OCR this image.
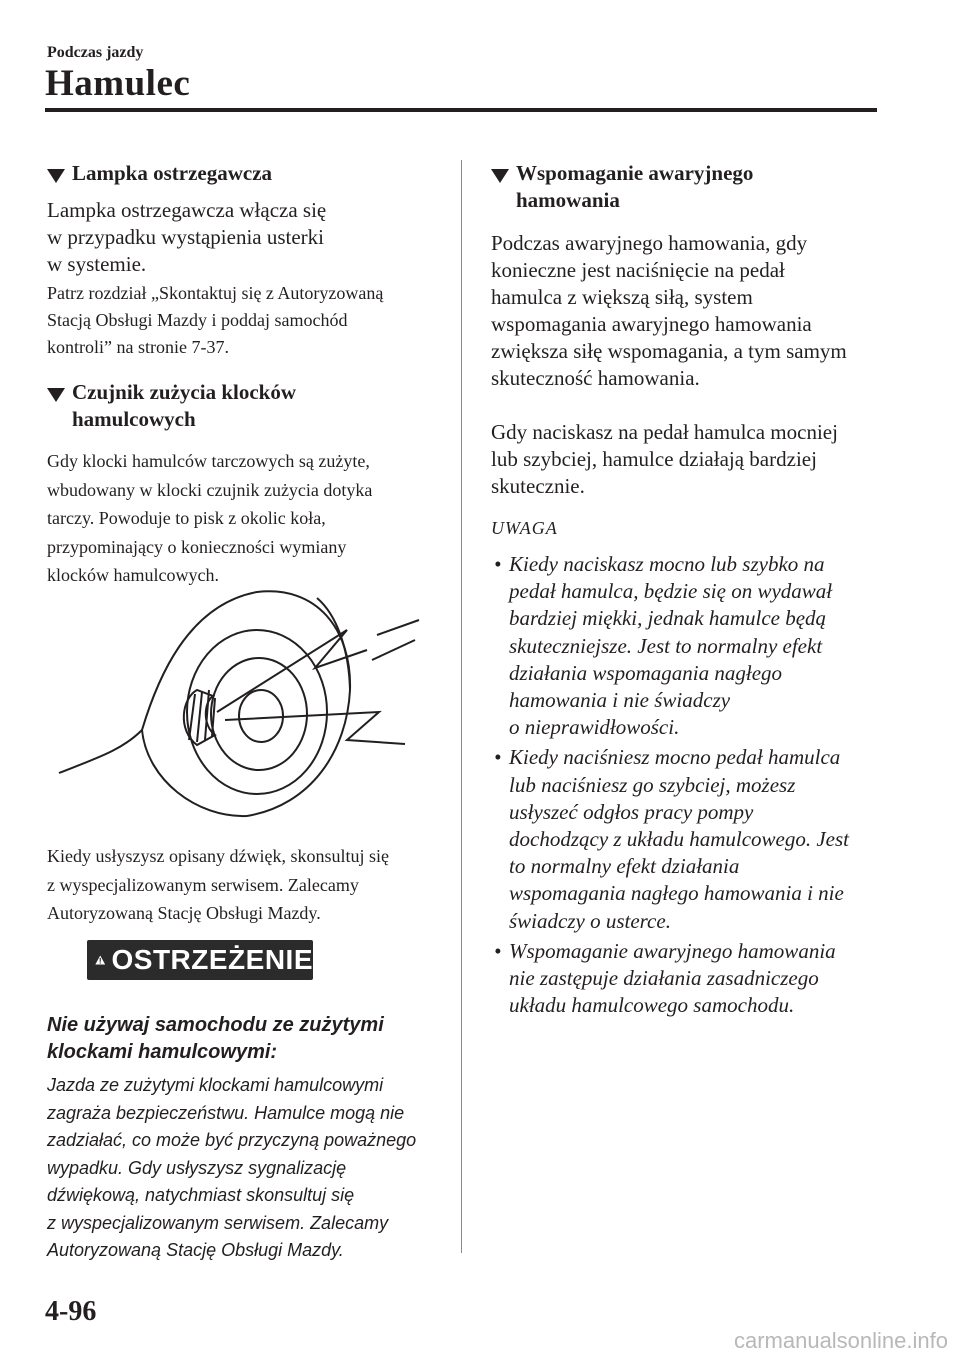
Podczas jazdy
Hamulec
Lampka ostrzegawcza

Lampka ostrzegawcza włącza się
w przypadku wystąpienia usterki
w systemie.

Patrz rozdział „Skontaktuj się z Autoryzowaną
Stacją Obsługi Mazdy i poddaj samochód
kontroli” na stronie 7-37.

Czujnik zużycia klocków
hamulcowych

Gdy klocki hamulców tarczowych są zużyte,
wbudowany w klocki czujnik zużycia dotyka
tarczy. Powoduje to pisk z okolic koła,
przypominający o konieczności wymiany
klocków hamulcowych.

Kiedy usłyszysz opisany dźwięk, skonsultuj się
z wyspecjalizowanym serwisem. Zalecamy
Autoryzowaną Stację Obsługi Mazdy.

OSTRZEŻENIE

Nie używaj samochodu ze zużytymi
klockami hamulcowymi:

Jazda ze zużytymi klockami hamulcowymi
zagraża bezpieczeństwu. Hamulce mogą nie
zadziałać, co może być przyczyną poważnego
wypadku. Gdy usłyszysz sygnalizację
dźwiękową, natychmiast skonsultuj się
z wyspecjalizowanym serwisem. Zalecamy
Autoryzowaną Stację Obsługi Mazdy.

Wspomaganie awaryjnego
hamowania

Podczas awaryjnego hamowania, gdy
konieczne jest naciśnięcie na pedał
hamulca z większą siłą, system
wspomagania awaryjnego hamowania
zwiększa siłę wspomagania, a tym samym
skuteczność hamowania.

Gdy naciskasz na pedał hamulca mocniej
lub szybciej, hamulce działają bardziej
skutecznie.

UWAGA

• Kiedy naciskasz mocno lub szybko na
pedał hamulca, będzie się on wydawał
bardziej miękki, jednak hamulce będą
skuteczniejsze. Jest to normalny efekt
działania wspomagania nagłego
hamowania i nie świadczy
o nieprawidłowości.
• Kiedy naciśniesz mocno pedał hamulca
lub naciśniesz go szybciej, możesz
usłyszeć odgłos pracy pompy
dochodzący z układu hamulcowego. Jest
to normalny efekt działania
wspomagania nagłego hamowania i nie
świadczy o usterce.
• Wspomaganie awaryjnego hamowania
nie zastępuje działania zasadniczego
układu hamulcowego samochodu.
4-96
carmanualsonline.info
